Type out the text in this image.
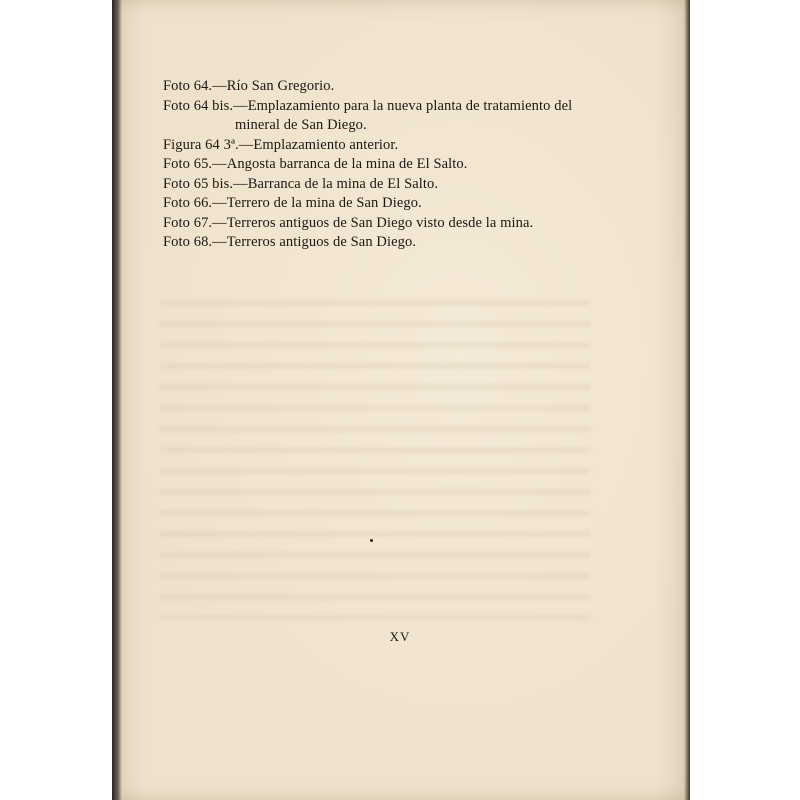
Foto 64.—Río San Gregorio.
Foto 64 bis.—Emplazamiento para la nueva planta de tratamiento del
mineral de San Diego.
Figura 64 3ª.—Emplazamiento anterior.
Foto 65.—Angosta barranca de la mina de El Salto.
Foto 65 bis.—Barranca de la mina de El Salto.
Foto 66.—Terrero de la mina de San Diego.
Foto 67.—Terreros antiguos de San Diego visto desde la mina.
Foto 68.—Terreros antiguos de San Diego.
XV
